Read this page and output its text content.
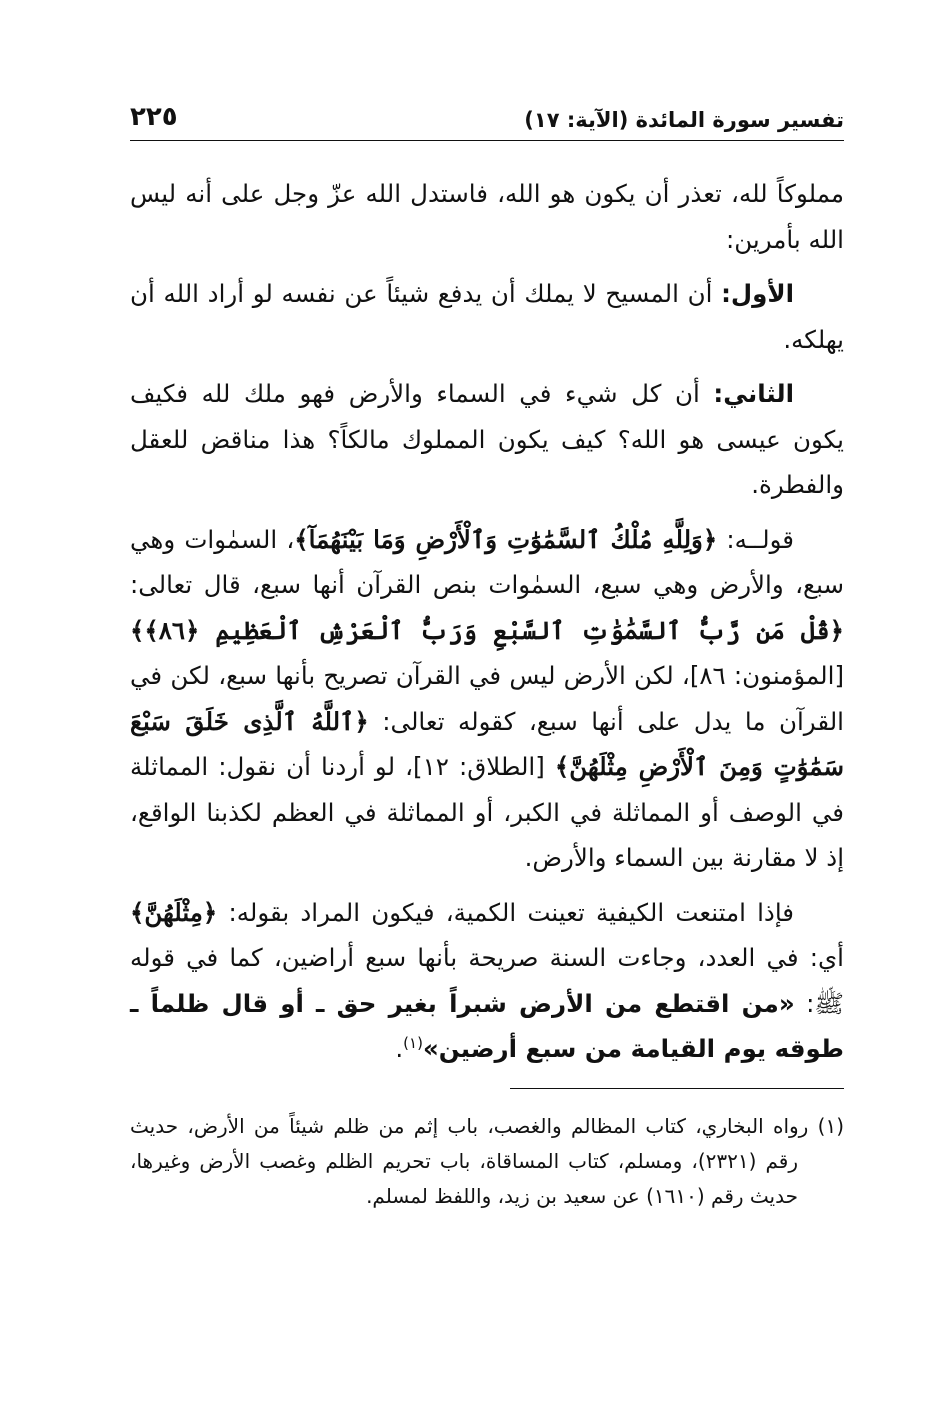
تفسير سورة المائدة (الآية: ١٧)
٢٢٥

مملوكاً لله، تعذر أن يكون هو الله، فاستدل الله عزّ وجل على أنه ليس الله بأمرين:

الأول: أن المسيح لا يملك أن يدفع شيئاً عن نفسه لو أراد الله أن يهلكه.

الثاني: أن كل شيء في السماء والأرض فهو ملك لله فكيف يكون عيسى هو الله؟ كيف يكون المملوك مالكاً؟ هذا مناقض للعقل والفطرة.

قولــه: ﴿وَلِلَّهِ مُلْكُ ٱلسَّمَٰوَٰتِ وَٱلْأَرْضِ وَمَا بَيْنَهُمَآ﴾، السمٰوات وهي سبع، والأرض وهي سبع، السمٰوات بنص القرآن أنها سبع، قال تعالى: ﴿قُلْ مَن رَّبُّ ٱلسَّمَٰوَٰتِ ٱلسَّبْعِ وَرَبُّ ٱلْعَرْشِ ٱلْعَظِيمِ ﴿٨٦﴾﴾ [المؤمنون: ٨٦]، لكن الأرض ليس في القرآن تصريح بأنها سبع، لكن في القرآن ما يدل على أنها سبع، كقوله تعالى: ﴿ٱللَّهُ ٱلَّذِى خَلَقَ سَبْعَ سَمَٰوَٰتٍ وَمِنَ ٱلْأَرْضِ مِثْلَهُنَّ﴾ [الطلاق: ١٢]، لو أردنا أن نقول: المماثلة في الوصف أو المماثلة في الكبر، أو المماثلة في العظم لكذبنا الواقع، إذ لا مقارنة بين السماء والأرض.

فإذا امتنعت الكيفية تعينت الكمية، فيكون المراد بقوله: ﴿مِثْلَهُنَّ﴾ أي: في العدد، وجاءت السنة صريحة بأنها سبع أراضين، كما في قوله ﷺ: «من اقتطع من الأرض شبراً بغير حق ـ أو قال ظلماً ـ طوقه يوم القيامة من سبع أرضين»$^{(١)}$.

(١) رواه البخاري، كتاب المظالم والغصب، باب إثم من ظلم شيئاً من الأرض، حديث رقم (٢٣٢١)، ومسلم، كتاب المساقاة، باب تحريم الظلم وغصب الأرض وغيرها، حديث رقم (١٦١٠) عن سعيد بن زيد، واللفظ لمسلم.
